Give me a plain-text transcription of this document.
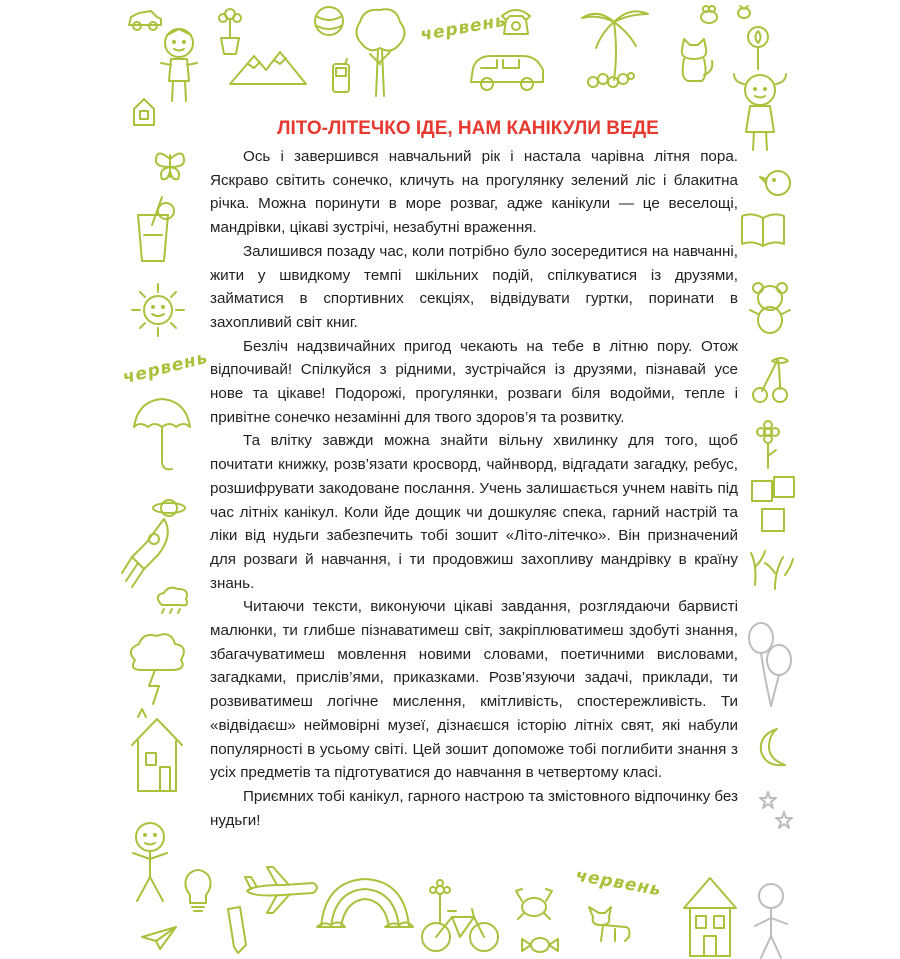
червень
червень
червень
ЛІТО-ЛІТЕЧКО ІДЕ, НАМ КАНІКУЛИ ВЕДЕ

Ось і завершився навчальний рік і настала чарівна літня пора. Яскраво світить сонечко, кличуть на прогулянку зелений ліс і блакитна річка. Можна поринути в море розваг, адже канікули — це веселощі, мандрівки, цікаві зустрічі, незабутні враження.

Залишився позаду час, коли потрібно було зосередитися на навчанні, жити у швидкому темпі шкільних подій, спілкуватися із друзями, займатися в спортивних секціях, відвідувати гуртки, поринати в захопливий світ книг.

Безліч надзвичайних пригод чекають на тебе в літню пору. Отож відпочивай! Спілкуйся з рідними, зустрічайся із друзями, пізнавай усе нове та цікаве! Подорожі, прогулянки, розваги біля водойми, тепле і привітне сонечко незамінні для твого здоров’я та розвитку.

Та влітку завжди можна знайти вільну хвилинку для того, щоб почитати книжку, розв’язати кросворд, чайнворд, відгадати загадку, ребус, розшифрувати закодоване послання. Учень залишається учнем навіть під час літніх канікул. Коли йде дощик чи дошкуляє спека, гарний настрій та ліки від нудьги забезпечить тобі зошит «Літо-літечко». Він призначений для розваги й навчання, і ти продовжиш захопливу мандрівку в країну знань.

Читаючи тексти, виконуючи цікаві завдання, розглядаючи барвисті малюнки, ти глибше пізнаватимеш світ, закріплюватимеш здобуті знання, збагачуватимеш мовлення новими словами, поетичними висловами, загадками, прислів’ями, приказками. Розв’язуючи задачі, приклади, ти розвиватимеш логічне мислення, кмітливість, спостережливість. Ти «відвідаєш» неймовірні музеї, дізнаєшся історію літніх свят, які набули популярності в усьому світі. Цей зошит допоможе тобі поглибити знання з усіх предметів та підготуватися до навчання в четвертому класі.

Приємних тобі канікул, гарного настрою та змістовного відпочинку без нудьги!
